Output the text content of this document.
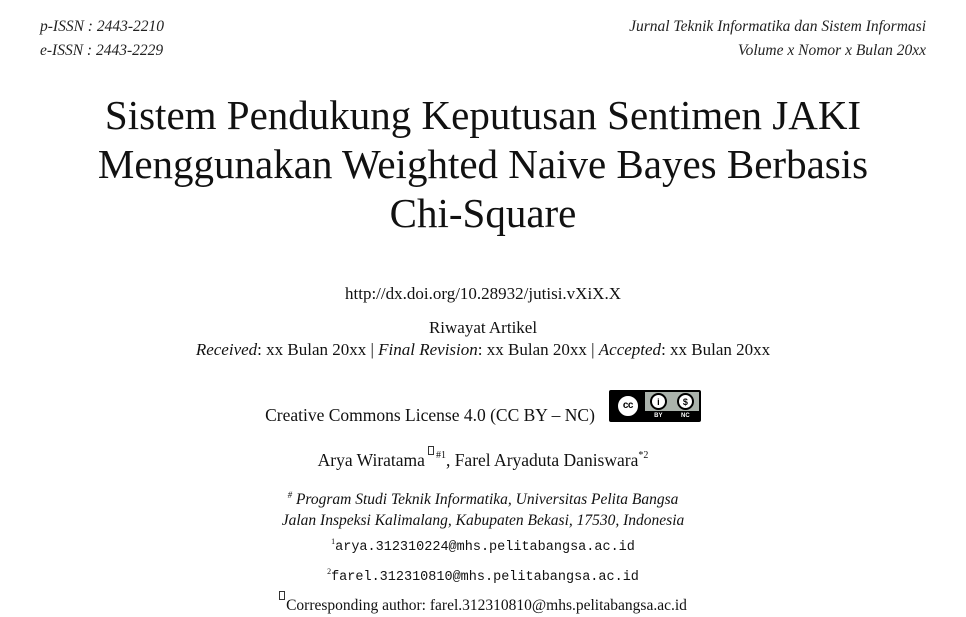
p-ISSN : 2443-2210
e-ISSN : 2443-2229
Jurnal Teknik Informatika dan Sistem Informasi
Volume x Nomor x Bulan 20xx
Sistem Pendukung Keputusan Sentimen JAKI
Menggunakan Weighted Naive Bayes Berbasis
Chi-Square
http://dx.doi.org/10.28932/jutisi.vXiX.X
Riwayat Artikel
Received: xx Bulan 20xx | Final Revision: xx Bulan 20xx | Accepted: xx Bulan 20xx
Creative Commons License 4.0 (CC BY – NC)	cc	i	$
BY	NC
Arya Wiratama $^{\#1}$, Farel Aryaduta Daniswara$^{*2}$
# Program Studi Teknik Informatika, Universitas Pelita Bangsa
Jalan Inspeksi Kalimalang, Kabupaten Bekasi, 17530, Indonesia
$^1$arya.312310224@mhs.pelitabangsa.ac.id
$^2$farel.312310810@mhs.pelitabangsa.ac.id
Corresponding author: farel.312310810@mhs.pelitabangsa.ac.id
